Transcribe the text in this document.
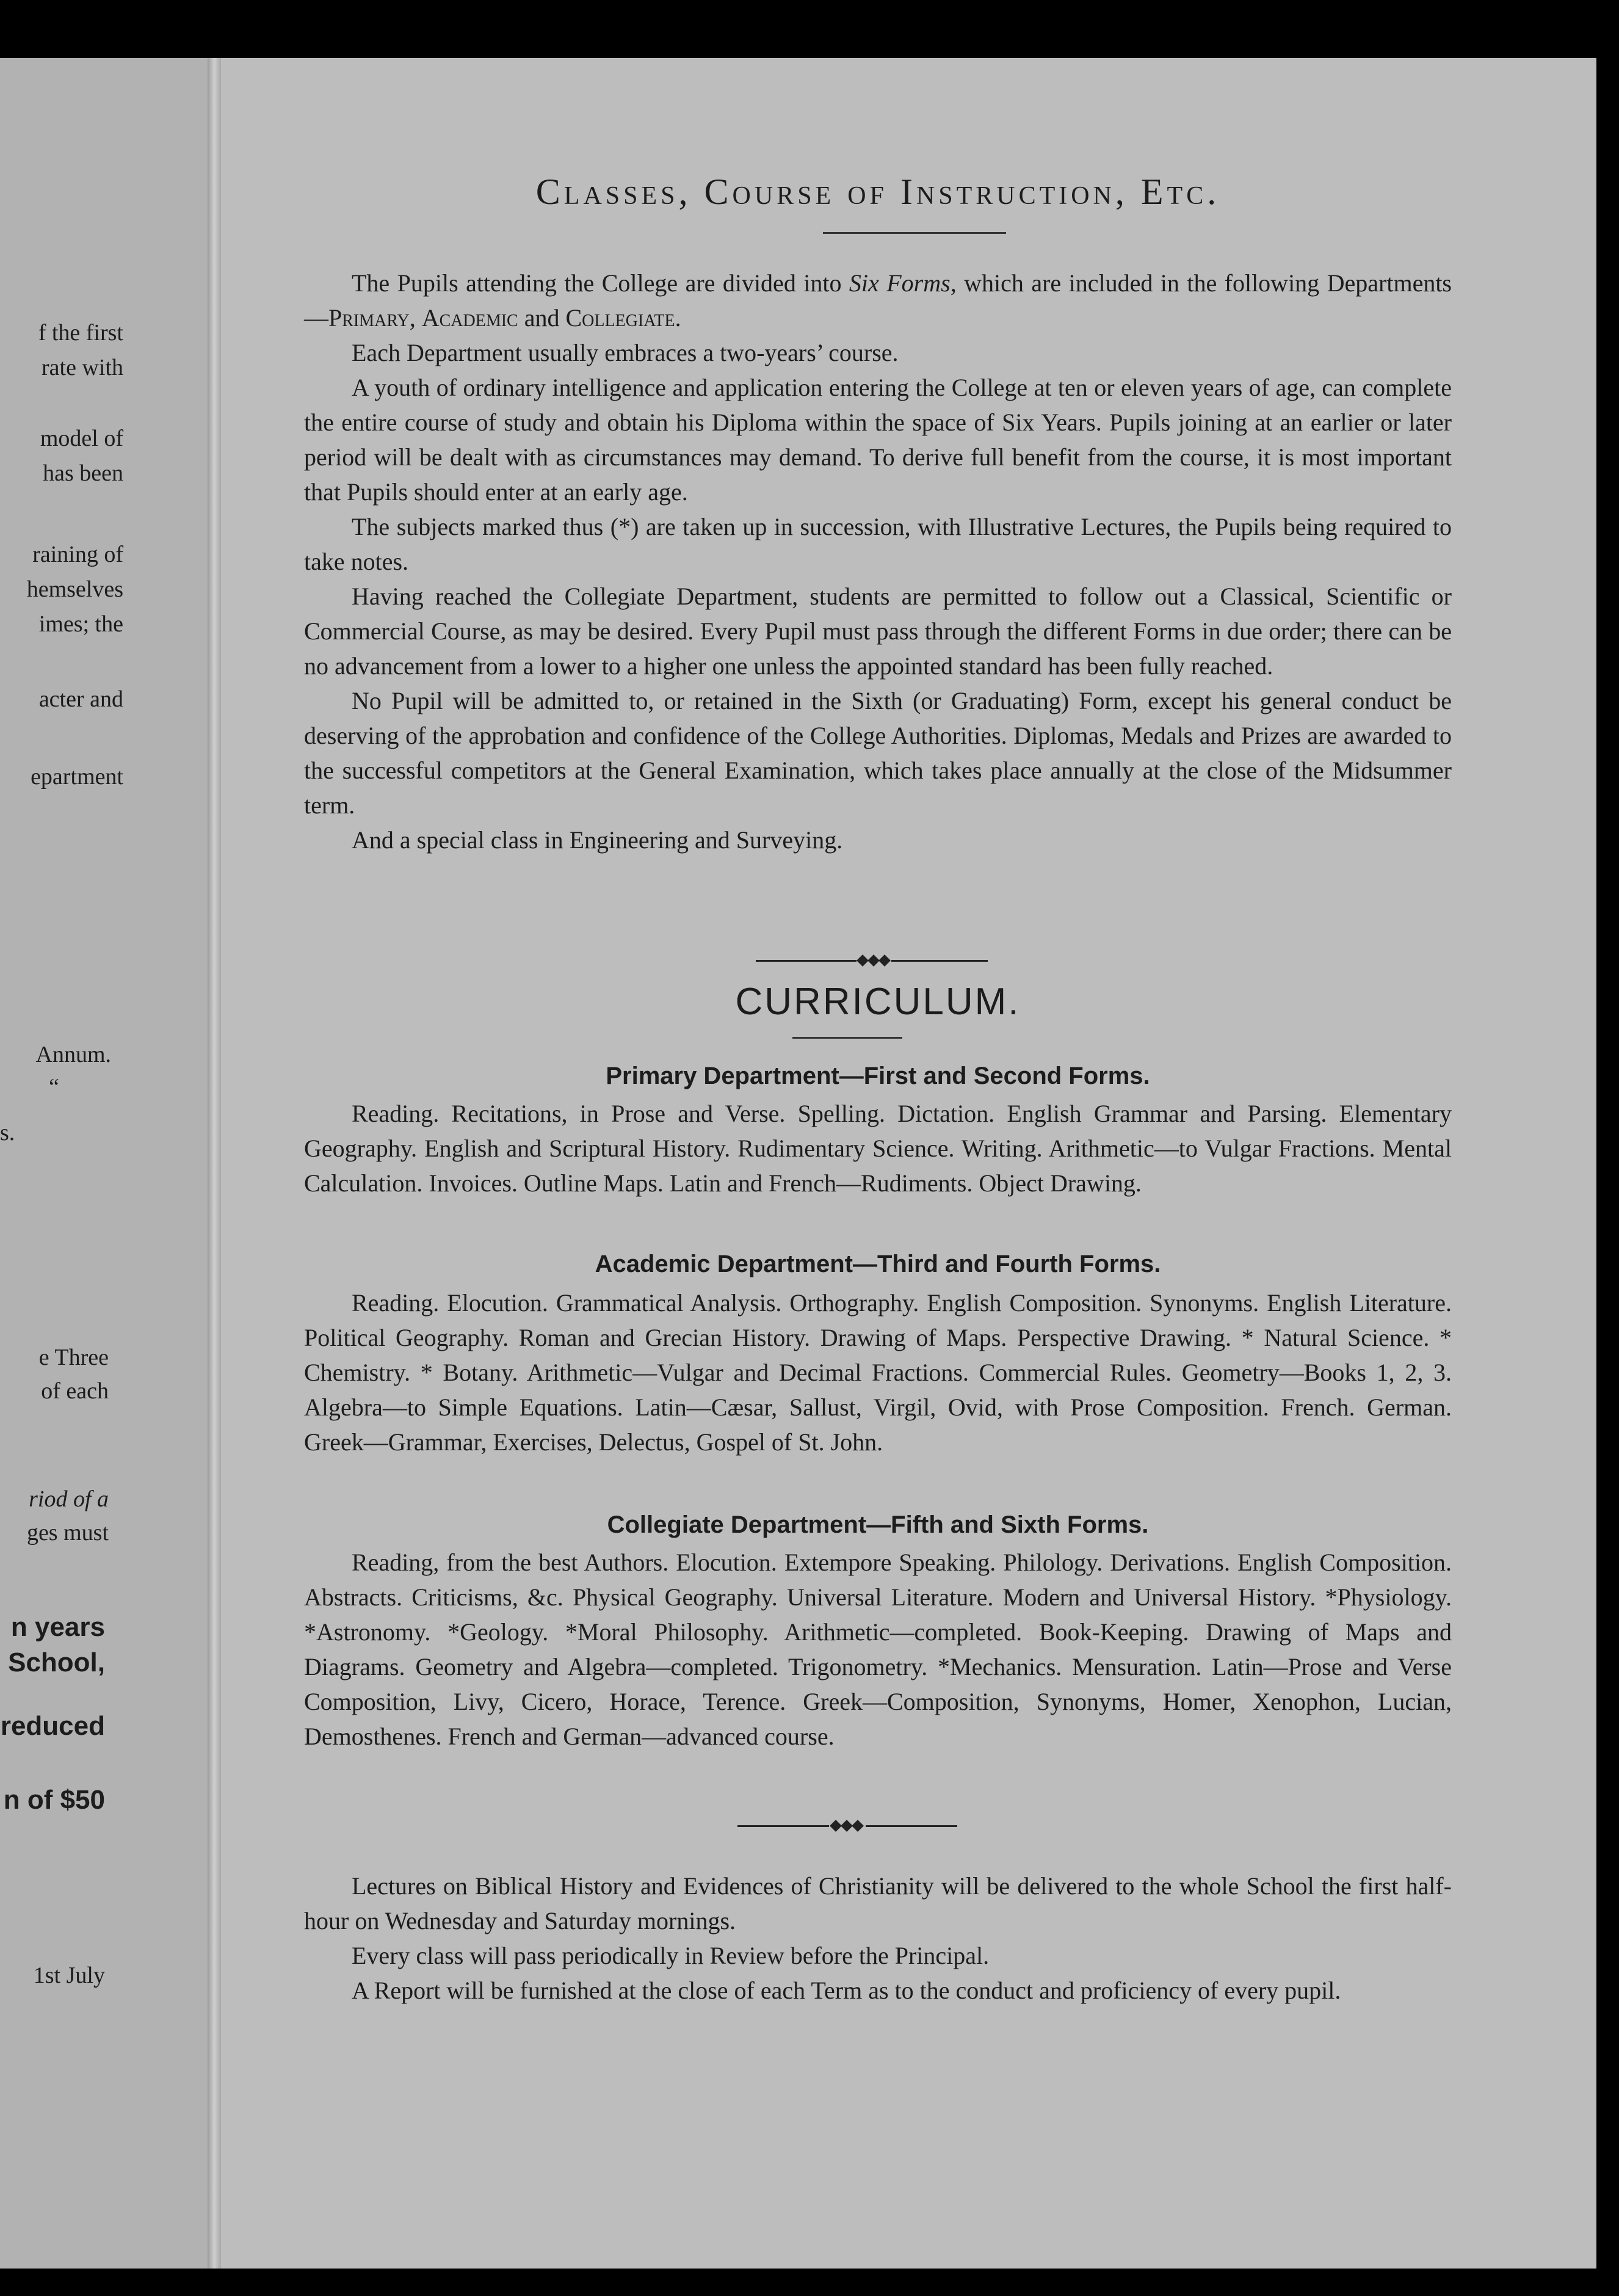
f the first
rate with
model of
has been
raining of
hemselves
imes; the
acter and
epartment
Annum.
“
s.
e Three
of each
riod of a
ges must
n years
School,
reduced
n of $50
1st July
Classes, Course of Instruction, Etc.

The Pupils attending the College are divided into Six Forms, which are included in the following Departments—Primary, Academic and Collegiate.

Each Department usually embraces a two-years’ course.

A youth of ordinary intelligence and application entering the College at ten or eleven years of age, can complete the entire course of study and obtain his Diploma within the space of Six Years. Pupils joining at an earlier or later period will be dealt with as circumstances may demand. To derive full benefit from the course, it is most important that Pupils should enter at an early age.

The subjects marked thus (*) are taken up in succession, with Illustrative Lectures, the Pupils being required to take notes.

Having reached the Collegiate Department, students are permitted to follow out a Classical, Scientific or Commercial Course, as may be desired. Every Pupil must pass through the different Forms in due order; there can be no advancement from a lower to a higher one unless the appointed standard has been fully reached.

No Pupil will be admitted to, or retained in the Sixth (or Graduating) Form, except his general conduct be deserving of the approbation and confidence of the College Authorities. Diplomas, Medals and Prizes are awarded to the successful competitors at the General Examination, which takes place annually at the close of the Midsummer term.

And a special class in Engineering and Surveying.

CURRICULUM.
Primary Department—First and Second Forms.

Reading. Recitations, in Prose and Verse. Spelling. Dictation. English Grammar and Parsing. Elementary Geography. English and Scriptural History. Rudimentary Science. Writing. Arithmetic—to Vulgar Fractions. Mental Calculation. Invoices. Outline Maps. Latin and French—Rudiments. Object Drawing.

Academic Department—Third and Fourth Forms.

Reading. Elocution. Grammatical Analysis. Orthography. English Composition. Synonyms. English Literature. Political Geography. Roman and Grecian History. Drawing of Maps. Perspective Drawing. * Natural Science. * Chemistry. * Botany. Arithmetic—Vulgar and Decimal Fractions. Commercial Rules. Geometry—Books 1, 2, 3. Algebra—to Simple Equations. Latin—Cæsar, Sallust, Virgil, Ovid, with Prose Composition. French. German. Greek—Grammar, Exercises, Delectus, Gospel of St. John.

Collegiate Department—Fifth and Sixth Forms.

Reading, from the best Authors. Elocution. Extempore Speaking. Philology. Derivations. English Composition. Abstracts. Criticisms, &c. Physical Geography. Universal Literature. Modern and Universal History. *Physiology. *Astronomy. *Geology. *Moral Philosophy. Arithmetic—completed. Book-Keeping. Drawing of Maps and Diagrams. Geometry and Algebra—completed. Trigonometry. *Mechanics. Mensuration. Latin—Prose and Verse Composition, Livy, Cicero, Horace, Terence. Greek—Composition, Synonyms, Homer, Xenophon, Lucian, Demosthenes. French and German—advanced course.

Lectures on Biblical History and Evidences of Christianity will be delivered to the whole School the first half-hour on Wednesday and Saturday mornings.

Every class will pass periodically in Review before the Principal.

A Report will be furnished at the close of each Term as to the conduct and proficiency of every pupil.
